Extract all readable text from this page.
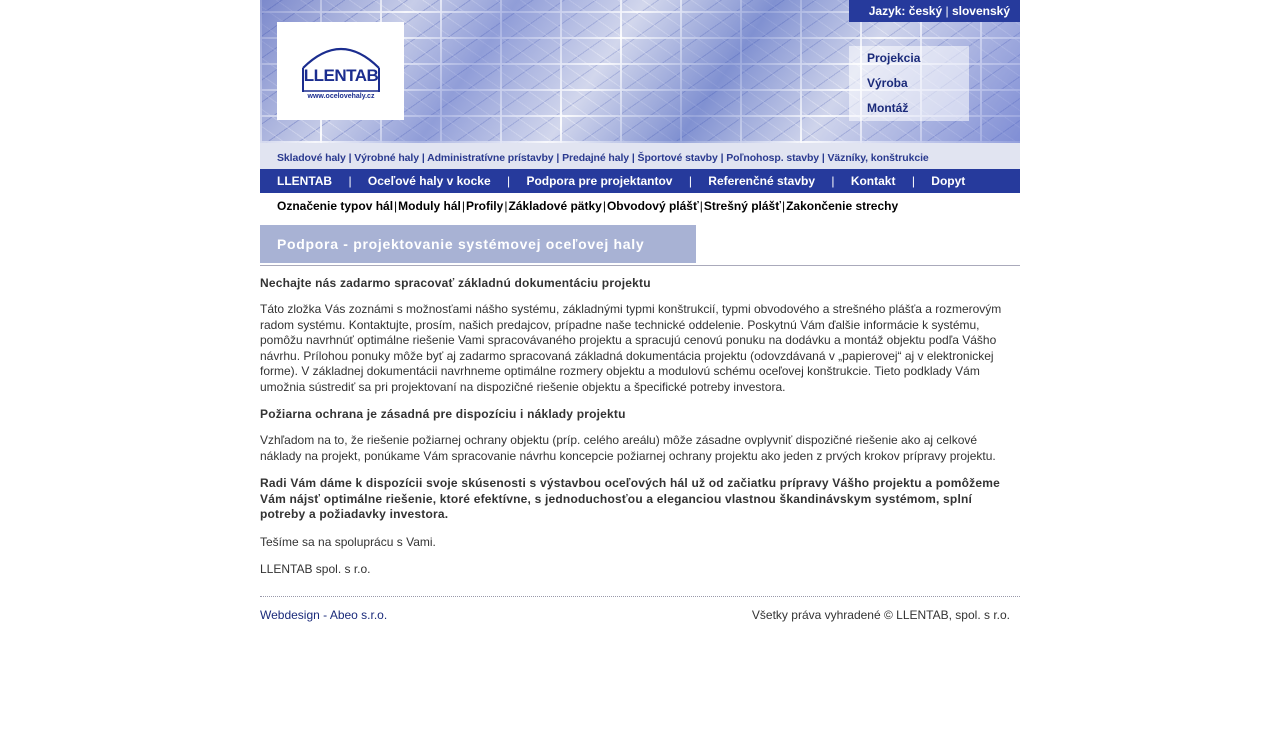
LLENTAB
www.ocelovehaly.cz
Jazyk: český | slovenský
Projekcia
Výroba
Montáž
Skladové haly | Výrobné haly | Administratívne prístavby | Predajné haly | Športové stavby | Poľnohosp. stavby | Väzníky, konštrukcie
LLENTAB | Oceľové haly v kocke | Podpora pre projektantov | Referenčné stavby | Kontakt | Dopyt
Označenie typov hál|Moduly hál|Profily|Základové pätky|Obvodový plášť|Strešný plášť|Zakončenie strechy
Podpora - projektovanie systémovej oceľovej haly
Nechajte nás zadarmo spracovať základnú dokumentáciu projektu

Táto zložka Vás zoznámi s možnosťami nášho systému, základnými typmi konštrukcií, typmi obvodového a strešného plášťa a rozmerovým radom systému. Kontaktujte, prosím, našich predajcov, prípadne naše technické oddelenie. Poskytnú Vám ďalšie informácie k systému, pomôžu navrhnúť optimálne riešenie Vami spracovávaného projektu a spracujú cenovú ponuku na dodávku a montáž objektu podľa Vášho návrhu. Prílohou ponuky môže byť aj zadarmo spracovaná základná dokumentácia projektu (odovzdávaná v „papierovej“ aj v elektronickej forme). V základnej dokumentácii navrhneme optimálne rozmery objektu a modulovú schému oceľovej konštrukcie. Tieto podklady Vám umožnia sústrediť sa pri projektovaní na dispozičné riešenie objektu a špecifické potreby investora.

Požiarna ochrana je zásadná pre dispozíciu i náklady projektu

Vzhľadom na to, že riešenie požiarnej ochrany objektu (príp. celého areálu) môže zásadne ovplyvniť dispozičné riešenie ako aj celkové náklady na projekt, ponúkame Vám spracovanie návrhu koncepcie požiarnej ochrany projektu ako jeden z prvých krokov prípravy projektu.

Radi Vám dáme k dispozícii svoje skúsenosti s výstavbou oceľových hál už od začiatku prípravy Vášho projektu a pomôžeme Vám nájsť optimálne riešenie, ktoré efektívne, s jednoduchosťou a eleganciou vlastnou škandinávskym systémom, splní potreby a požiadavky investora.

Tešíme sa na spoluprácu s Vami.

LLENTAB spol. s r.o.

Webdesign - Abeo s.r.o.	Všetky práva vyhradené © LLENTAB, spol. s r.o.
